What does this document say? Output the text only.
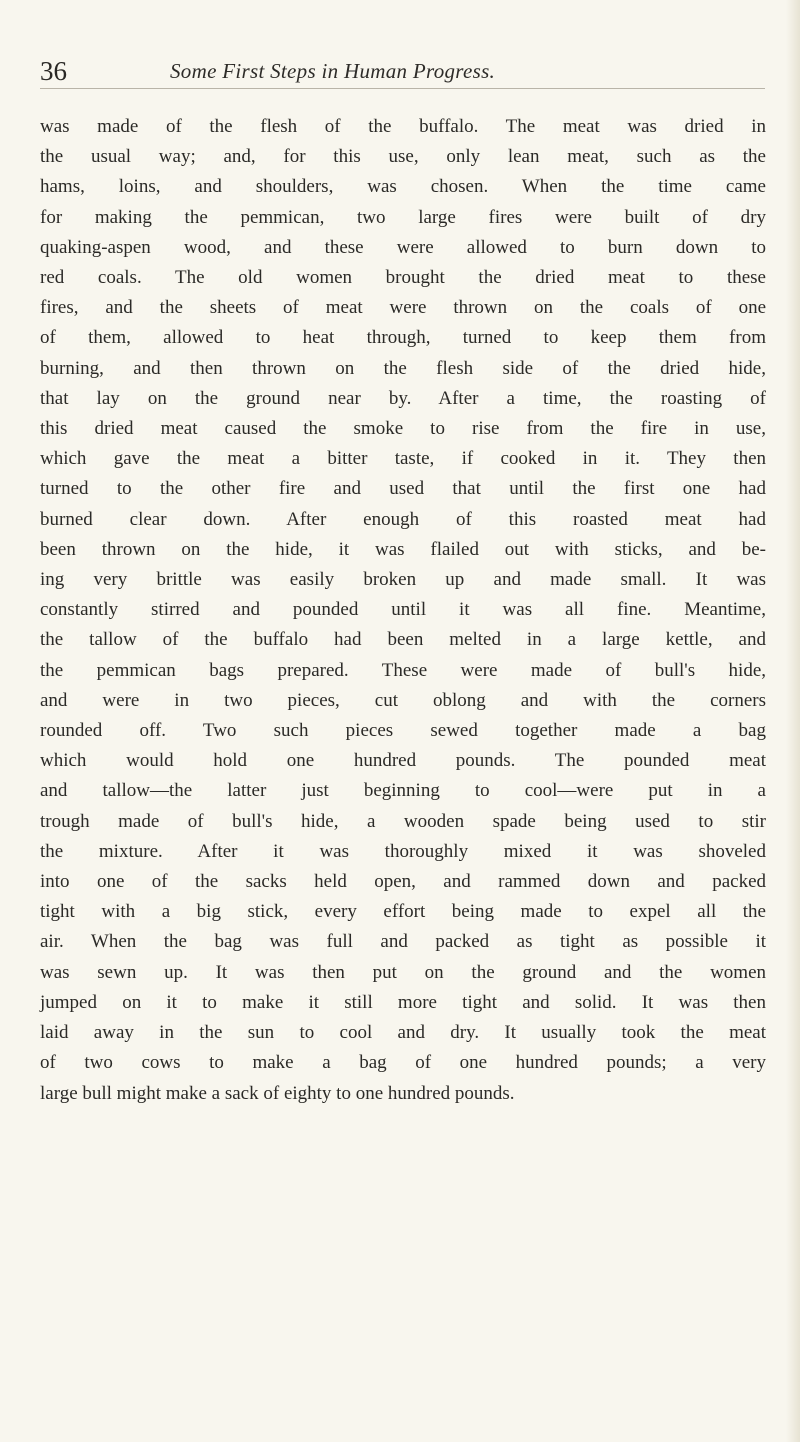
36	Some First Steps in Human Progress.
was made of the flesh of the buffalo. The meat was dried in
the usual way; and, for this use, only lean meat, such as the
hams, loins, and shoulders, was chosen. When the time came
for making the pemmican, two large fires were built of dry
quaking-aspen wood, and these were allowed to burn down to
red coals. The old women brought the dried meat to these
fires, and the sheets of meat were thrown on the coals of one
of them, allowed to heat through, turned to keep them from
burning, and then thrown on the flesh side of the dried hide,
that lay on the ground near by. After a time, the roasting of
this dried meat caused the smoke to rise from the fire in use,
which gave the meat a bitter taste, if cooked in it. They then
turned to the other fire and used that until the first one had
burned clear down. After enough of this roasted meat had
been thrown on the hide, it was flailed out with sticks, and be-
ing very brittle was easily broken up and made small. It was
constantly stirred and pounded until it was all fine. Meantime,
the tallow of the buffalo had been melted in a large kettle, and
the pemmican bags prepared. These were made of bull's hide,
and were in two pieces, cut oblong and with the corners
rounded off. Two such pieces sewed together made a bag
which would hold one hundred pounds. The pounded meat
and tallow—the latter just beginning to cool—were put in a
trough made of bull's hide, a wooden spade being used to stir
the mixture. After it was thoroughly mixed it was shoveled
into one of the sacks held open, and rammed down and packed
tight with a big stick, every effort being made to expel all the
air. When the bag was full and packed as tight as possible it
was sewn up. It was then put on the ground and the women
jumped on it to make it still more tight and solid. It was then
laid away in the sun to cool and dry. It usually took the meat
of two cows to make a bag of one hundred pounds; a very
large bull might make a sack of eighty to one hundred pounds.
